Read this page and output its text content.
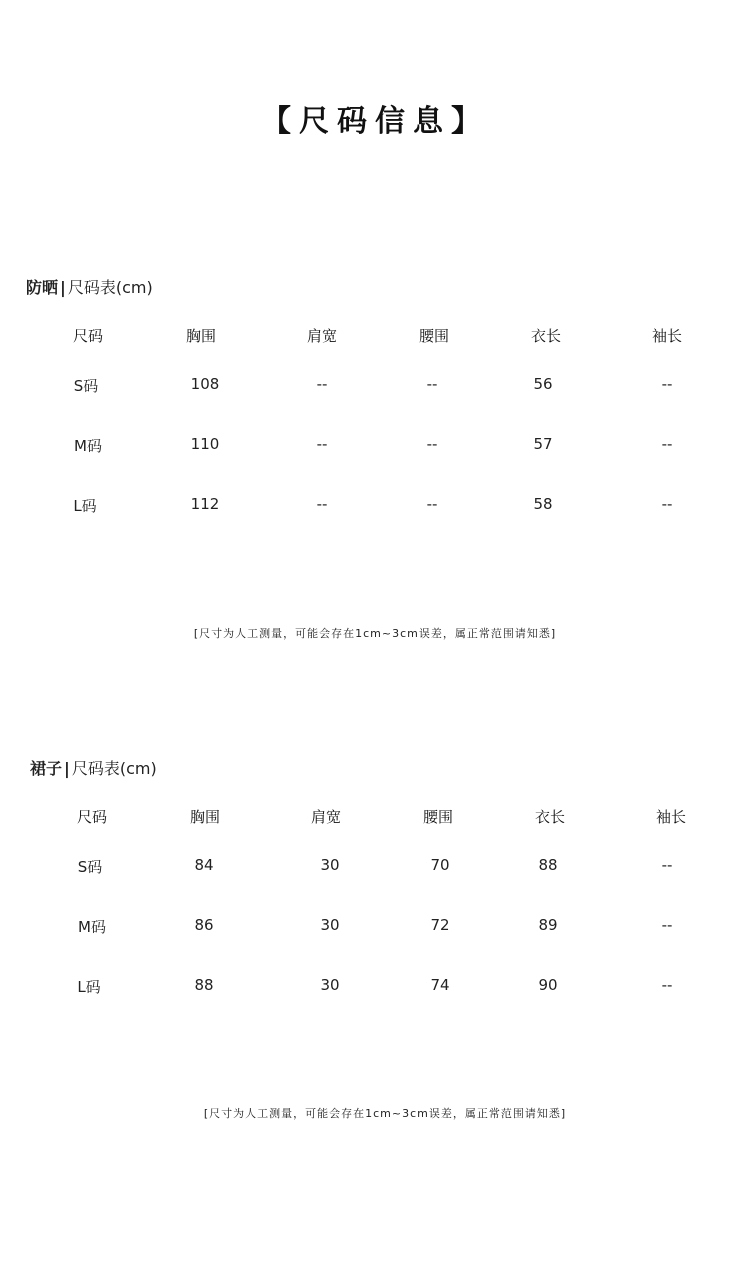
【尺码信息】
防晒 | 尺码表(cm)
尺码	胸围	肩宽	腰围	衣长	袖长
S码	108	--	--	56	--
M码	110	--	--	57	--
L码	112	--	--	58	--
[尺寸为人工测量，可能会存在1cm~3cm误差，属正常范围请知悉]
裙子 | 尺码表(cm)
尺码	胸围	肩宽	腰围	衣长	袖长
S码	84	30	70	88	--
M码	86	30	72	89	--
L码	88	30	74	90	--
[尺寸为人工测量，可能会存在1cm~3cm误差，属正常范围请知悉]
